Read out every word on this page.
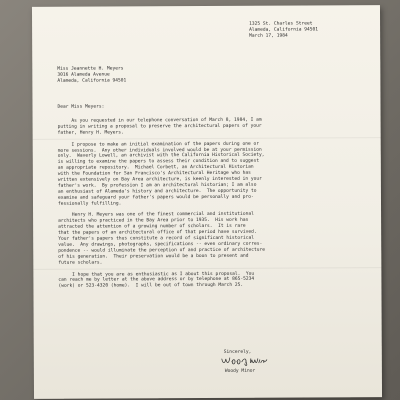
1325 St. Charles Street
Alameda, California 94501
March 17, 1984
Miss Jeannette H. Meyers
3016 Alameda Avenue
Alameda, California 94501
Dear Miss Meyers:
As you requested in our telephone conversation of March 8, 1984, I am
putting in writing a proposal to preserve the architectural papers of your
father, Henry H. Meyers.
I propose to make an initial examination of the papers during one or
more sessions.  Any other individuals involved would be at your permission
only.  Waverly Lowell, an archivist with the California Historical Society,
is willing to examine the papers to assess their condition and to suggest
an appropriate repository.  Michael Corbett, an Architectural Historian
with the Foundation for San Francisco's Architectural Heritage who has
written extensively on Bay Area architecture, is keenly interested in your
father's work.  By profession I am an architectural historian; I am also
an enthusiast of Alameda's history and architecture.  The opportunity to
examine and safeguard your father's papers would be personally and pro-
fessionally fulfilling.
Henry H. Meyers was one of the finest commercial and institutional
architects who practiced in the Bay Area prior to 1935.  His work has
attracted the attention of a growing number of scholars.  It is rare
that the papers of an architectural office of that period have survived.
Your father's papers thus constitute a record of significant historical
value.  Any drawings, photographs, specifications -- even ordinary corres-
pondence -- would illuminate the perception of and practice of architecture
of his generation.  Their preservation would be a boon to present and
future scholars.
I hope that you are as enthusiastic as I about this proposal.  You
can reach me by letter at the above address or by telephone at 865-5234
(work) or 523-4320 (home).  I will be out of town through March 25.
Sincerely,
Woody Minor
